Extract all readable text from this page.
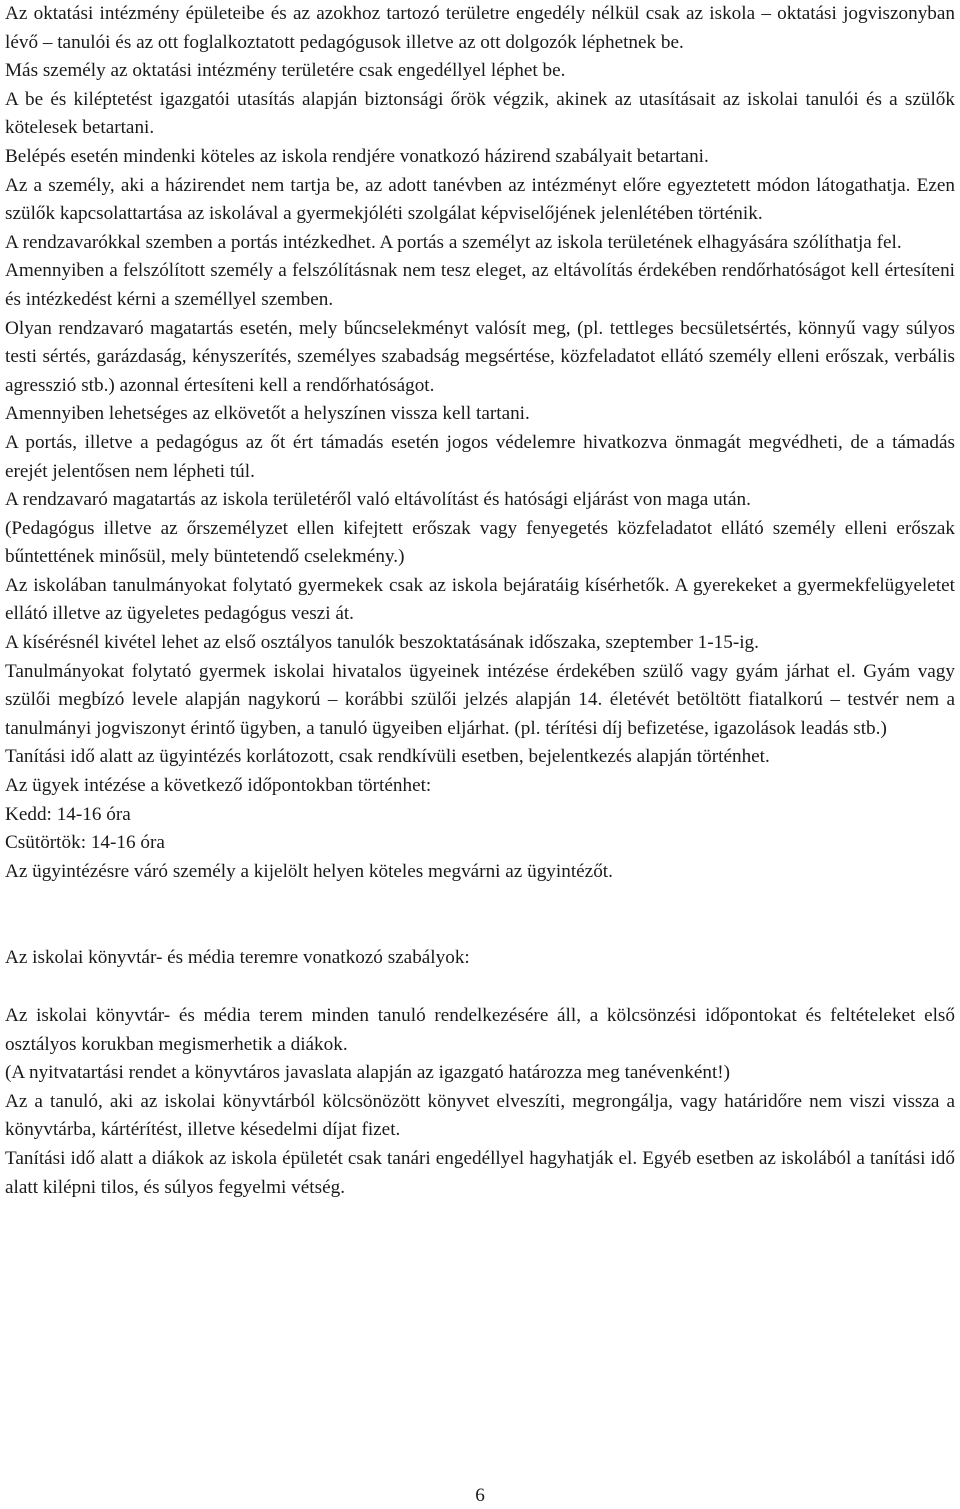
Az oktatási intézmény épületeibe és az azokhoz tartozó területre engedély nélkül csak az iskola – oktatási jogviszonyban lévő – tanulói és az ott foglalkoztatott pedagógusok illetve az ott dolgozók léphetnek be.

Más személy az oktatási intézmény területére csak engedéllyel léphet be.

A be és kiléptetést igazgatói utasítás alapján biztonsági őrök végzik, akinek az utasításait az iskolai tanulói és a szülők kötelesek betartani.

Belépés esetén mindenki köteles az iskola rendjére vonatkozó házirend szabályait betartani.

Az a személy, aki a házirendet nem tartja be, az adott tanévben az intézményt előre egyeztetett módon látogathatja. Ezen szülők kapcsolattartása az iskolával a gyermekjóléti szolgálat képviselőjének jelenlétében történik.

A rendzavarókkal szemben a portás intézkedhet. A portás a személyt az iskola területének elhagyására szólíthatja fel.

Amennyiben a felszólított személy a felszólításnak nem tesz eleget, az eltávolítás érdekében rendőrhatóságot kell értesíteni és intézkedést kérni a személlyel szemben.

Olyan rendzavaró magatartás esetén, mely bűncselekményt valósít meg, (pl. tettleges becsületsértés, könnyű vagy súlyos testi sértés, garázdaság, kényszerítés, személyes szabadság megsértése, közfeladatot ellátó személy elleni erőszak, verbális agresszió stb.) azonnal értesíteni kell a rendőrhatóságot.

Amennyiben lehetséges az elkövetőt a helyszínen vissza kell tartani.

A portás, illetve a pedagógus az őt ért támadás esetén jogos védelemre hivatkozva önmagát megvédheti, de a támadás erejét jelentősen nem lépheti túl.

A rendzavaró magatartás az iskola területéről való eltávolítást és hatósági eljárást von maga után.

(Pedagógus illetve az őrszemélyzet ellen kifejtett erőszak vagy fenyegetés közfeladatot ellátó személy elleni erőszak bűntettének minősül, mely büntetendő cselekmény.)

Az iskolában tanulmányokat folytató gyermekek csak az iskola bejáratáig kísérhetők. A gyerekeket a gyermekfelügyeletet ellátó illetve az ügyeletes pedagógus veszi át.

A kísérésnél kivétel lehet az első osztályos tanulók beszoktatásának időszaka, szeptember 1-15-ig.

Tanulmányokat folytató gyermek iskolai hivatalos ügyeinek intézése érdekében szülő vagy gyám járhat el. Gyám vagy szülői megbízó levele alapján nagykorú – korábbi szülői jelzés alapján 14. életévét betöltött fiatalkorú – testvér nem a tanulmányi jogviszonyt érintő ügyben, a tanuló ügyeiben eljárhat. (pl. térítési díj befizetése, igazolások leadás stb.)

Tanítási idő alatt az ügyintézés korlátozott, csak rendkívüli esetben, bejelentkezés alapján történhet.

Az ügyek intézése a következő időpontokban történhet:

Kedd: 14-16 óra

Csütörtök: 14-16 óra

Az ügyintézésre váró személy a kijelölt helyen köteles megvárni az ügyintézőt.

Az iskolai könyvtár- és média teremre vonatkozó szabályok:

Az iskolai könyvtár- és média terem minden tanuló rendelkezésére áll, a kölcsönzési időpontokat és feltételeket első osztályos korukban megismerhetik a diákok.

(A nyitvatartási rendet a könyvtáros javaslata alapján az igazgató határozza meg tanévenként!)

Az a tanuló, aki az iskolai könyvtárból kölcsönözött könyvet elveszíti, megrongálja, vagy határidőre nem viszi vissza a könyvtárba, kártérítést, illetve késedelmi díjat fizet.

Tanítási idő alatt a diákok az iskola épületét csak tanári engedéllyel hagyhatják el. Egyéb esetben az iskolából a tanítási idő alatt kilépni tilos, és súlyos fegyelmi vétség.

6
